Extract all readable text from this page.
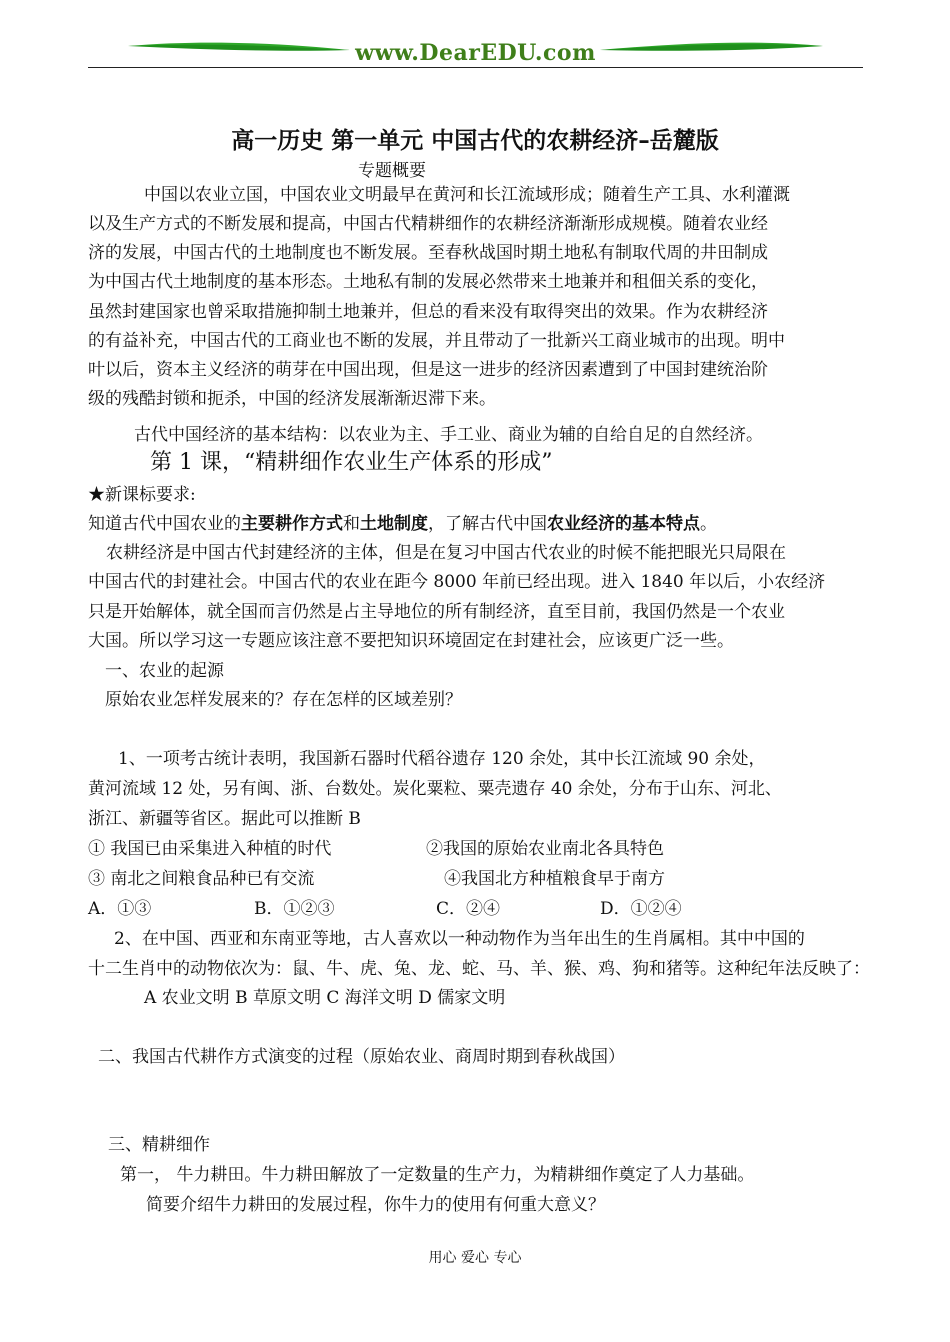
www.DearEDU.com
高一历史 第一单元 中国古代的农耕经济–岳麓版
专题概要
中国以农业立国，中国农业文明最早在黄河和长江流域形成；随着生产工具、水利灌溉
以及生产方式的不断发展和提高，中国古代精耕细作的农耕经济渐渐形成规模。随着农业经
济的发展，中国古代的土地制度也不断发展。至春秋战国时期土地私有制取代周的井田制成
为中国古代土地制度的基本形态。土地私有制的发展必然带来土地兼并和租佃关系的变化，
虽然封建国家也曾采取措施抑制土地兼并，但总的看来没有取得突出的效果。作为农耕经济
的有益补充，中国古代的工商业也不断的发展，并且带动了一批新兴工商业城市的出现。明中
叶以后，资本主义经济的萌芽在中国出现，但是这一进步的经济因素遭到了中国封建统治阶
级的残酷封锁和扼杀，中国的经济发展渐渐迟滞下来。
古代中国经济的基本结构：以农业为主、手工业、商业为辅的自给自足的自然经济。
第 1 课，“精耕细作农业生产体系的形成”
★新课标要求:
知道古代中国农业的主要耕作方式和土地制度，了解古代中国农业经济的基本特点。
农耕经济是中国古代封建经济的主体，但是在复习中国古代农业的时候不能把眼光只局限在
中国古代的封建社会。中国古代的农业在距今 8000 年前已经出现。进入 1840 年以后，小农经济
只是开始解体，就全国而言仍然是占主导地位的所有制经济，直至目前，我国仍然是一个农业
大国。所以学习这一专题应该注意不要把知识环境固定在封建社会，应该更广泛一些。
一、农业的起源
原始农业怎样发展来的？存在怎样的区域差别？
1、一项考古统计表明，我国新石器时代稻谷遗存 120 余处，其中长江流域 90 余处，
黄河流域 12 处，另有闽、浙、台数处。炭化粟粒、粟壳遗存 40 余处，分布于山东、河北、
浙江、新疆等省区。据此可以推断 B
① 我国已由采集进入种植的时代	②我国的原始农业南北各具特色
③ 南北之间粮食品种已有交流	④我国北方种植粮食早于南方
A．①③	B．①②③	C．②④	D．①②④
2、在中国、西亚和东南亚等地，古人喜欢以一种动物作为当年出生的生肖属相。其中中国的
十二生肖中的动物依次为：鼠、牛、虎、兔、龙、蛇、马、羊、猴、鸡、狗和猪等。这种纪年法反映了：
A 农业文明 B 草原文明 C 海洋文明 D 儒家文明
二、我国古代耕作方式演变的过程（原始农业、商周时期到春秋战国）
三、精耕细作
第一， 牛力耕田。牛力耕田解放了一定数量的生产力，为精耕细作奠定了人力基础。
简要介绍牛力耕田的发展过程，你牛力的使用有何重大意义？
用心 爱心 专心
